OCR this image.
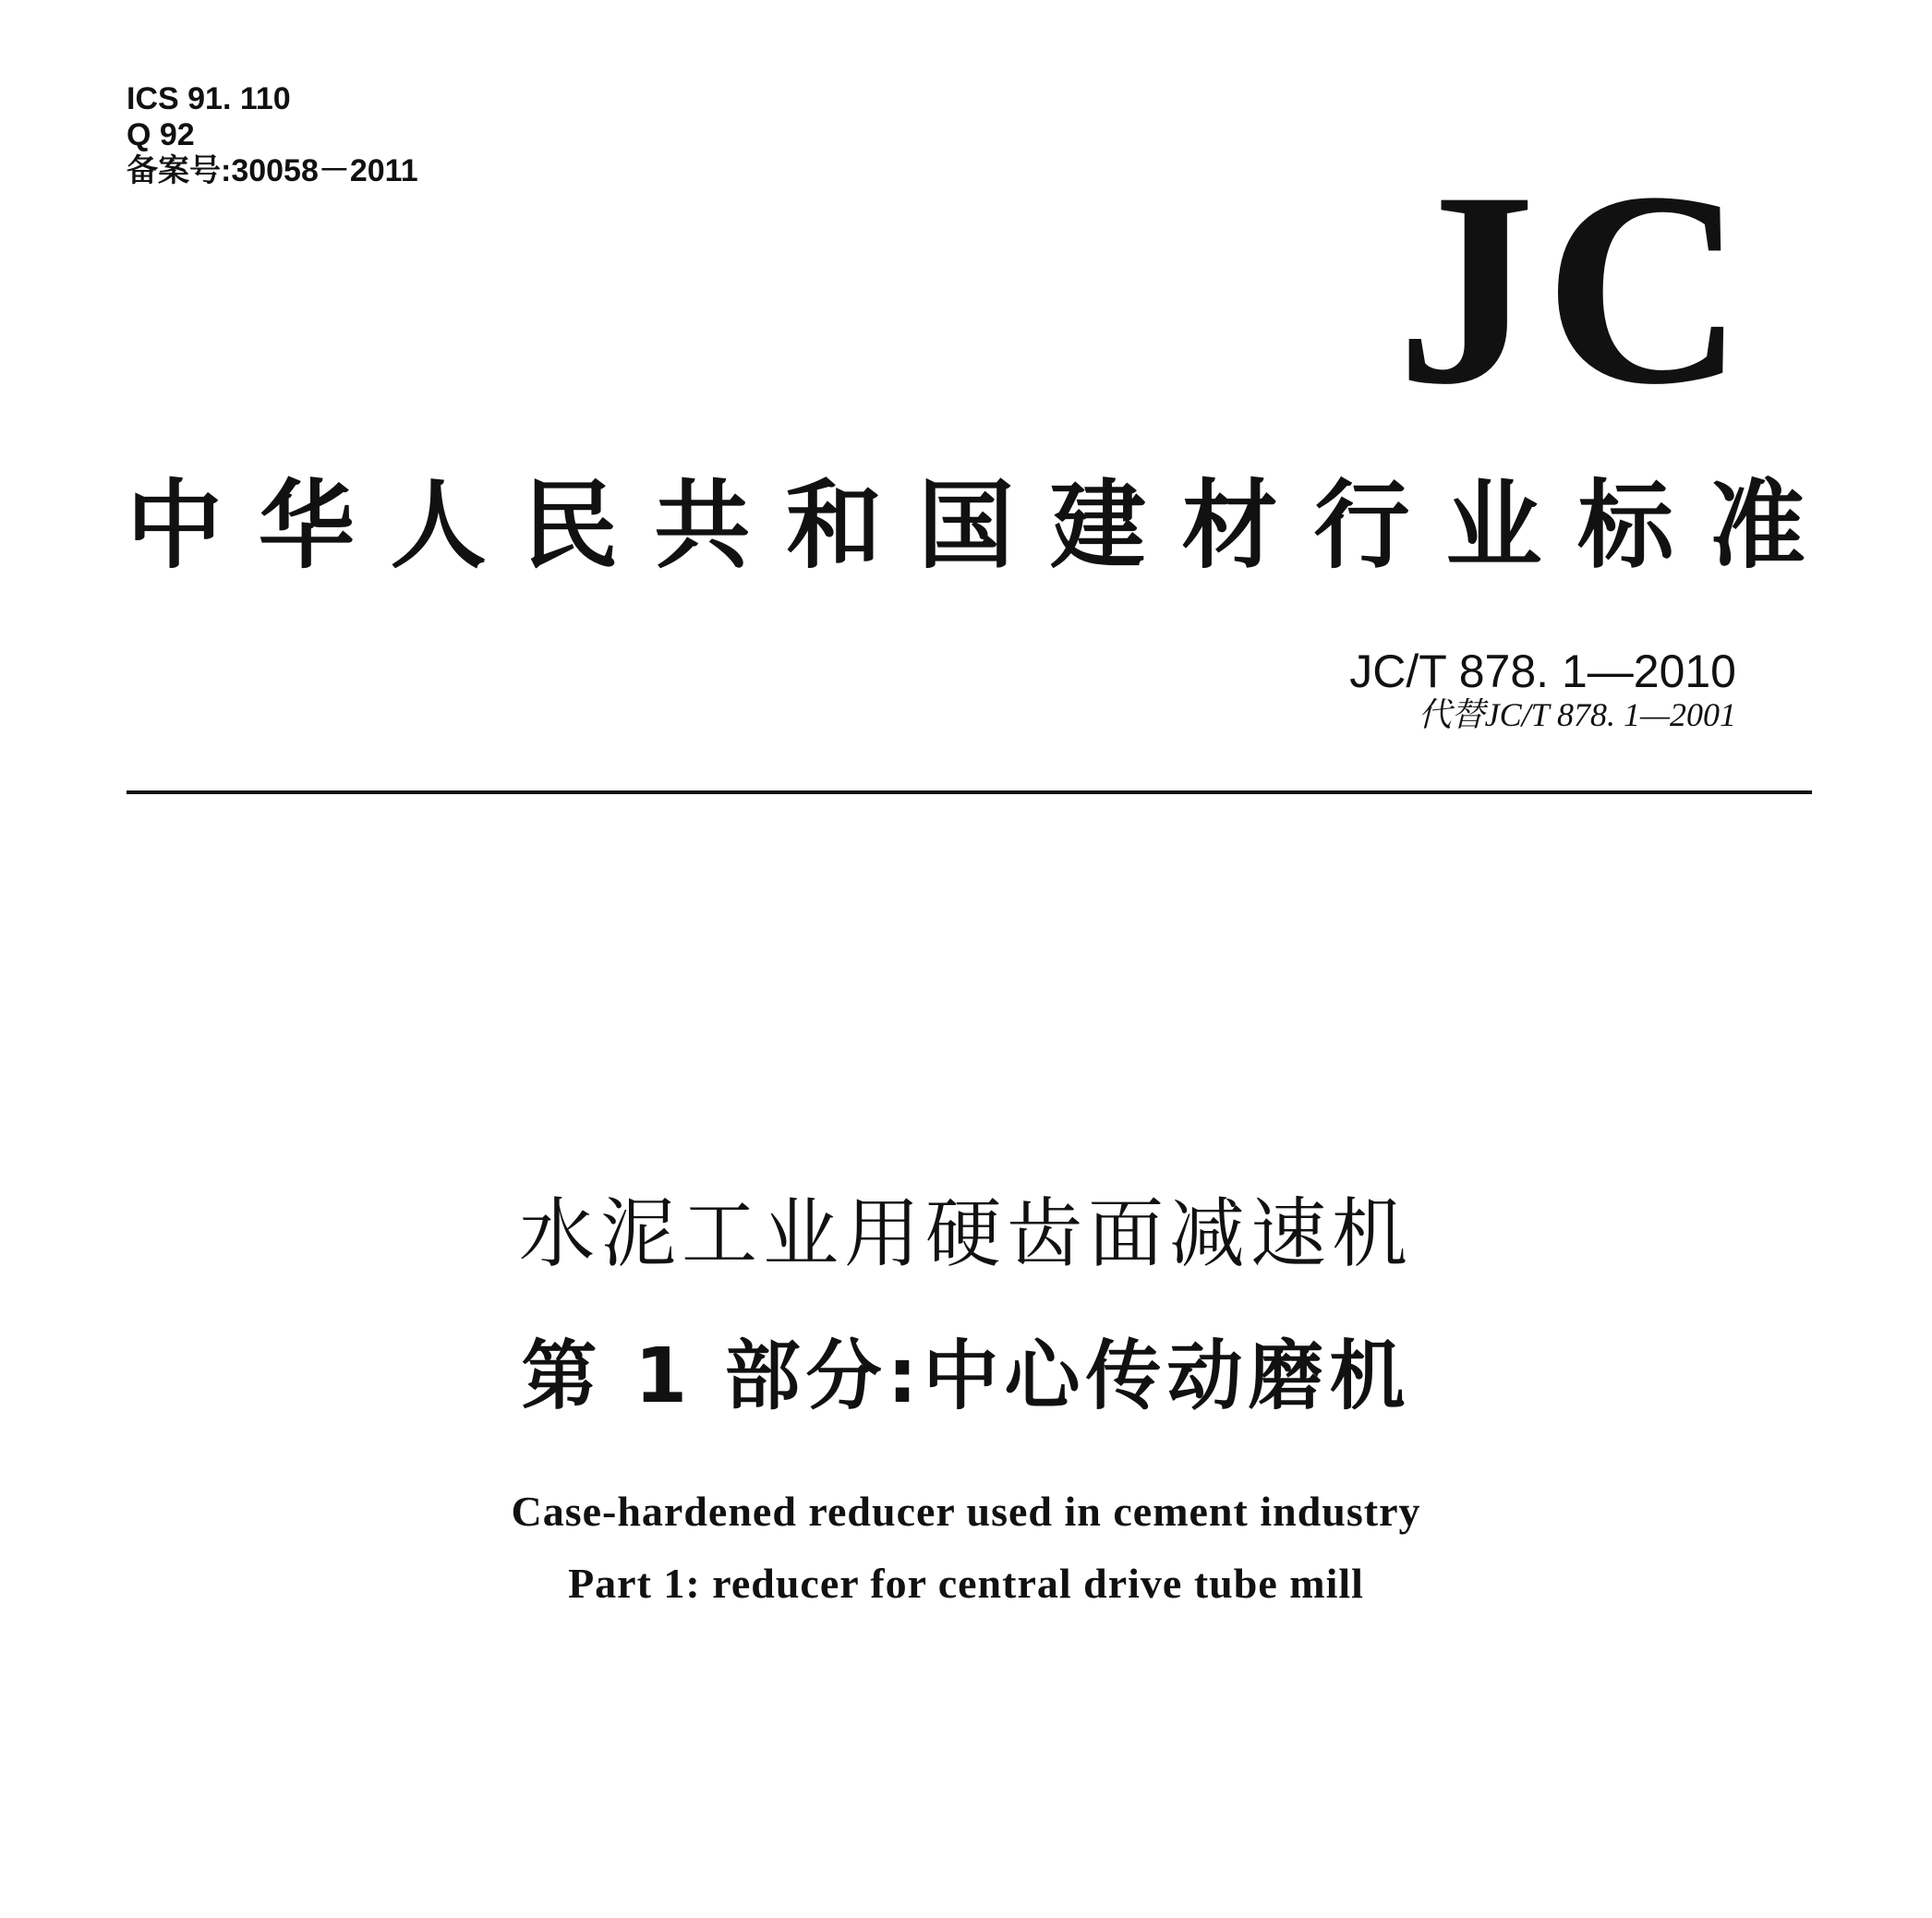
ICS 91. 110
Q 92
备案号:30058－2011	JC
中华人民共和国建材行业标准
JC/T 878. 1—2010
代替JC/T 878. 1—2001
水泥工业用硬齿面减速机
第 1 部分:中心传动磨机
Case-hardened reducer used in cement industry
Part 1: reducer for central drive tube mill
